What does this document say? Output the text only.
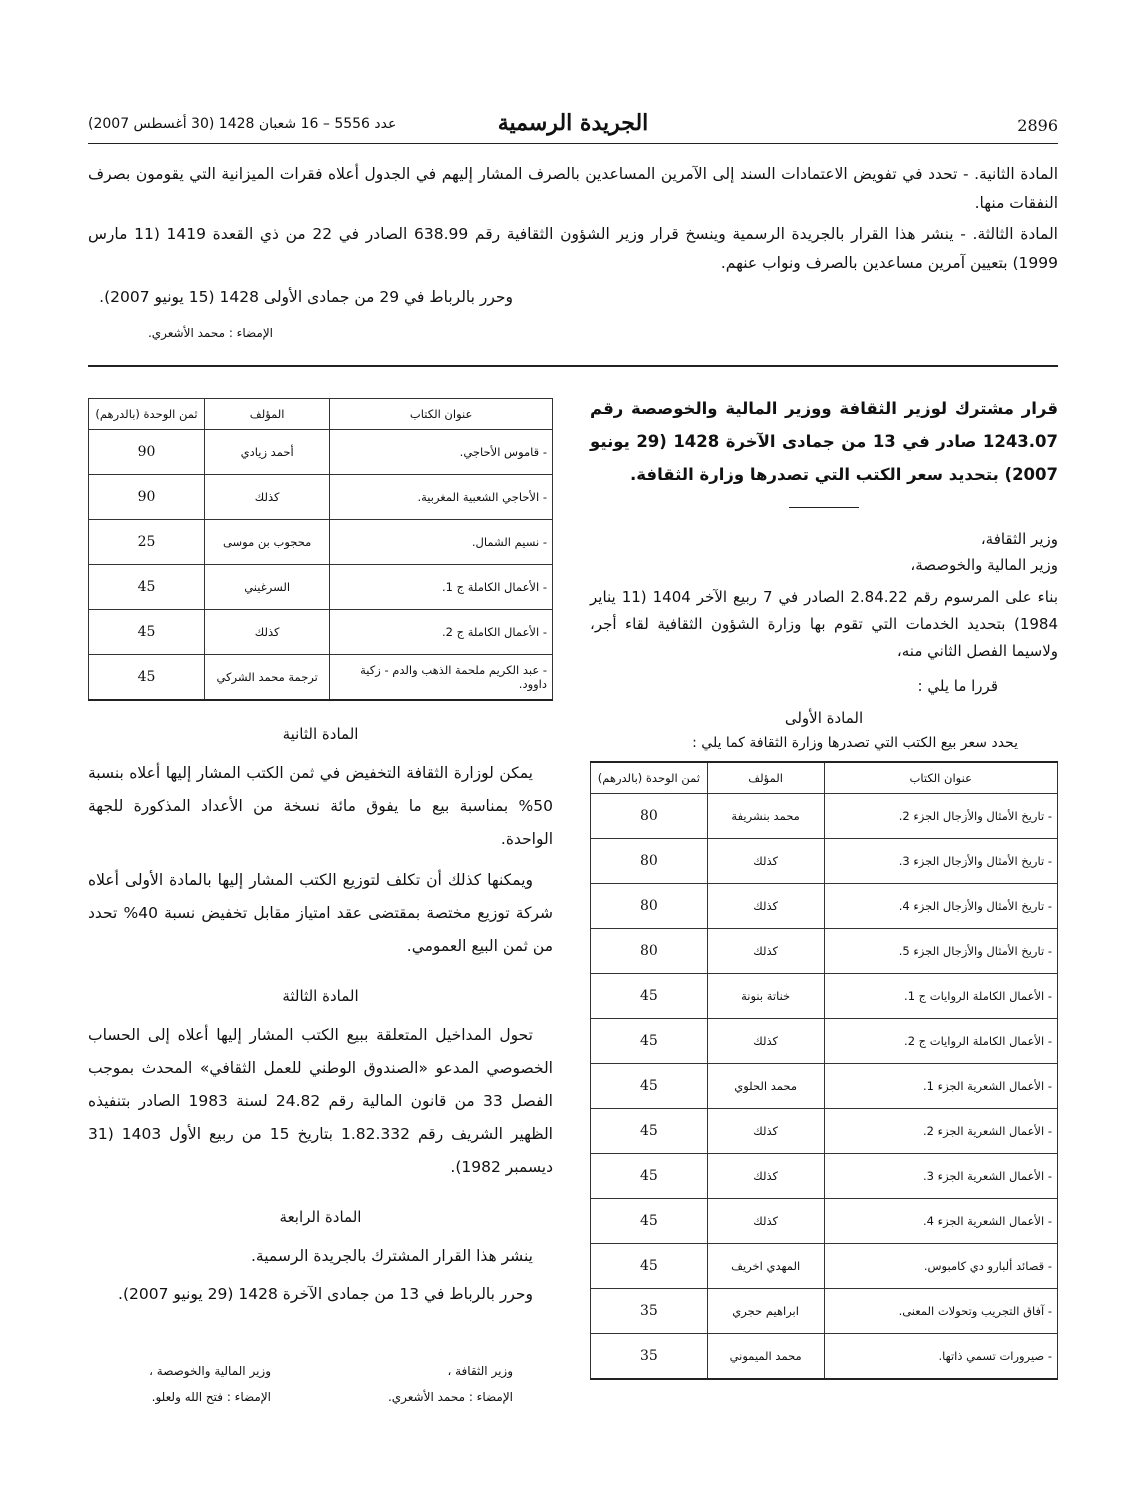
2896
الجريدة الرسمية
عدد 5556 – 16 شعبان 1428 (30 أغسطس 2007)

المادة الثانية. - تحدد في تفويض الاعتمادات السند إلى الآمرين المساعدين بالصرف المشار إليهم في الجدول أعلاه فقرات الميزانية التي يقومون بصرف النفقات منها.

المادة الثالثة. - ينشر هذا القرار بالجريدة الرسمية وينسخ قرار وزير الشؤون الثقافية رقم 638.99 الصادر في 22 من ذي القعدة 1419 (11 مارس 1999) بتعيين آمرين مساعدين بالصرف ونواب عنهم.

وحرر بالرباط في 29 من جمادى الأولى 1428 (15 يونيو 2007).
الإمضاء : محمد الأشعري.
قرار مشترك لوزير الثقافة ووزير المالية والخوصصة رقم 1243.07 صادر في 13 من جمادى الآخرة 1428 (29 يونيو 2007) بتحديد سعر الكتب التي تصدرها وزارة الثقافة.

وزير الثقافة،

وزير المالية والخوصصة،

بناء على المرسوم رقم 2.84.22 الصادر في 7 ربيع الآخر 1404 (11 يناير 1984) بتحديد الخدمات التي تقوم بها وزارة الشؤون الثقافية لقاء أجر، ولاسيما الفصل الثاني منه،

قررا ما يلي :

المادة الأولى
يحدد سعر بيع الكتب التي تصدرها وزارة الثقافة كما يلي :
عنوان الكتاب	المؤلف	ثمن الوحدة (بالدرهم)
- تاريخ الأمثال والأزجال الجزء 2.	محمد بنشريفة	80
- تاريخ الأمثال والأزجال الجزء 3.	كذلك	80
- تاريخ الأمثال والأزجال الجزء 4.	كذلك	80
- تاريخ الأمثال والأزجال الجزء 5.	كذلك	80
- الأعمال الكاملة الروايات ج 1.	خناتة بنونة	45
- الأعمال الكاملة الروايات ج 2.	كذلك	45
- الأعمال الشعرية الجزء 1.	محمد الحلوي	45
- الأعمال الشعرية الجزء 2.	كذلك	45
- الأعمال الشعرية الجزء 3.	كذلك	45
- الأعمال الشعرية الجزء 4.	كذلك	45
- قصائد ألبارو دي كامبوس.	المهدي اخريف	45
- آفاق التجريب وتحولات المعنى.	ابراهيم حجري	35
- صيرورات تسمي ذاتها.	محمد الميموني	35
عنوان الكتاب	المؤلف	ثمن الوحدة (بالدرهم)
- قاموس الأحاجي.	أحمد زيادي	90
- الأحاجي الشعبية المغربية.	كذلك	90
- نسيم الشمال.	محجوب بن موسى	25
- الأعمال الكاملة ج 1.	السرغيني	45
- الأعمال الكاملة ج 2.	كذلك	45
- عبد الكريم ملحمة الذهب والدم - زكية داوود.	ترجمة محمد الشركي	45
المادة الثانية

يمكن لوزارة الثقافة التخفيض في ثمن الكتب المشار إليها أعلاه بنسبة 50% بمناسبة بيع ما يفوق مائة نسخة من الأعداد المذكورة للجهة الواحدة.

ويمكنها كذلك أن تكلف لتوزيع الكتب المشار إليها بالمادة الأولى أعلاه شركة توزيع مختصة بمقتضى عقد امتياز مقابل تخفيض نسبة 40% تحدد من ثمن البيع العمومي.

المادة الثالثة

تحول المداخيل المتعلقة ببيع الكتب المشار إليها أعلاه إلى الحساب الخصوصي المدعو «الصندوق الوطني للعمل الثقافي» المحدث بموجب الفصل 33 من قانون المالية رقم 24.82 لسنة 1983 الصادر بتنفيذه الظهير الشريف رقم 1.82.332 بتاريخ 15 من ربيع الأول 1403 (31 ديسمبر 1982).

المادة الرابعة

ينشر هذا القرار المشترك بالجريدة الرسمية.

وحرر بالرباط في 13 من جمادى الآخرة 1428 (29 يونيو 2007).

وزير الثقافة ،
الإمضاء : محمد الأشعري.
وزير المالية والخوصصة ،
الإمضاء : فتح الله ولعلو.
